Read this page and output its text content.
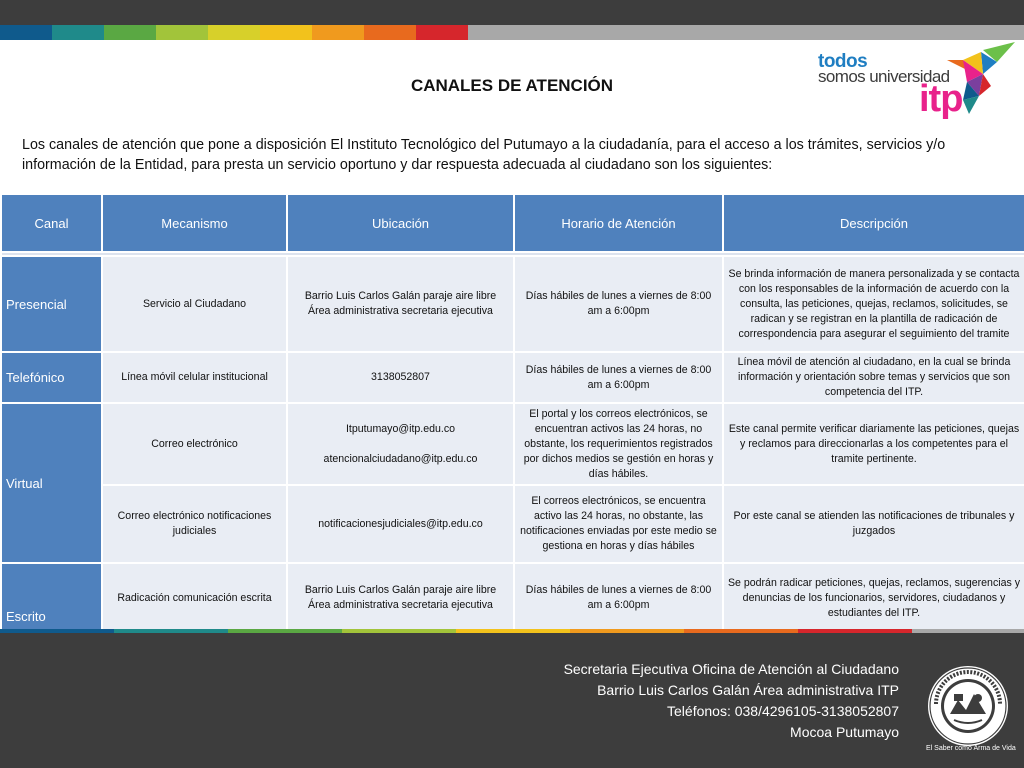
CANALES DE ATENCIÓN
todos
somos universidad
itp

Los canales de atención que pone a disposición El Instituto Tecnológico del Putumayo a la ciudadanía, para el acceso a los trámites, servicios y/o información de la Entidad, para presta un servicio oportuno y dar respuesta adecuada al ciudadano son los siguientes:

Canal	Mecanismo	Ubicación	Horario de Atención	Descripción

Presencial	Servicio al Ciudadano	Barrio Luis Carlos Galán paraje aire libre
Área administrativa secretaria ejecutiva	Días hábiles de lunes a viernes de 8:00 am a 6:00pm	Se brinda información de manera personalizada y se contacta con los responsables de la información de acuerdo con la consulta, las peticiones, quejas, reclamos, solicitudes, se radican y se registran en la plantilla de radicación de correspondencia para asegurar el seguimiento del tramite
Telefónico	Línea móvil celular institucional	3138052807	Días hábiles de lunes a viernes de 8:00 am a 6:00pm	Línea móvil de atención al ciudadano, en la cual se brinda información y orientación sobre temas y servicios que son competencia del ITP.
Virtual	Correo electrónico	Itputumayo@itp.edu.co

atencionalciudadano@itp.edu.co	El portal y los correos electrónicos, se encuentran activos las 24 horas, no obstante, los requerimientos registrados por dichos medios se gestión en horas y días hábiles.	Este canal permite verificar diariamente las peticiones, quejas y reclamos para direccionarlas a los competentes para el tramite pertinente.
	Correo electrónico notificaciones judiciales	notificacionesjudiciales@itp.edu.co	El correos electrónicos, se encuentra activo las 24 horas, no obstante, las notificaciones enviadas por este medio se gestiona en horas y días hábiles	Por este canal se atienden las notificaciones de tribunales y juzgados
Escrito	Radicación comunicación escrita	Barrio Luis Carlos Galán paraje aire libre
Área administrativa secretaria ejecutiva	Días hábiles de lunes a viernes de 8:00 am a 6:00pm	Se podrán radicar peticiones, quejas, reclamos, sugerencias y denuncias de los funcionarios, servidores, ciudadanos y estudiantes del ITP.
Secretaria Ejecutiva Oficina de Atención al Ciudadano
Barrio Luis Carlos Galán Área administrativa ITP
Teléfonos: 038/4296105-3138052807
Mocoa Putumayo
El Saber como Arma de Vida
